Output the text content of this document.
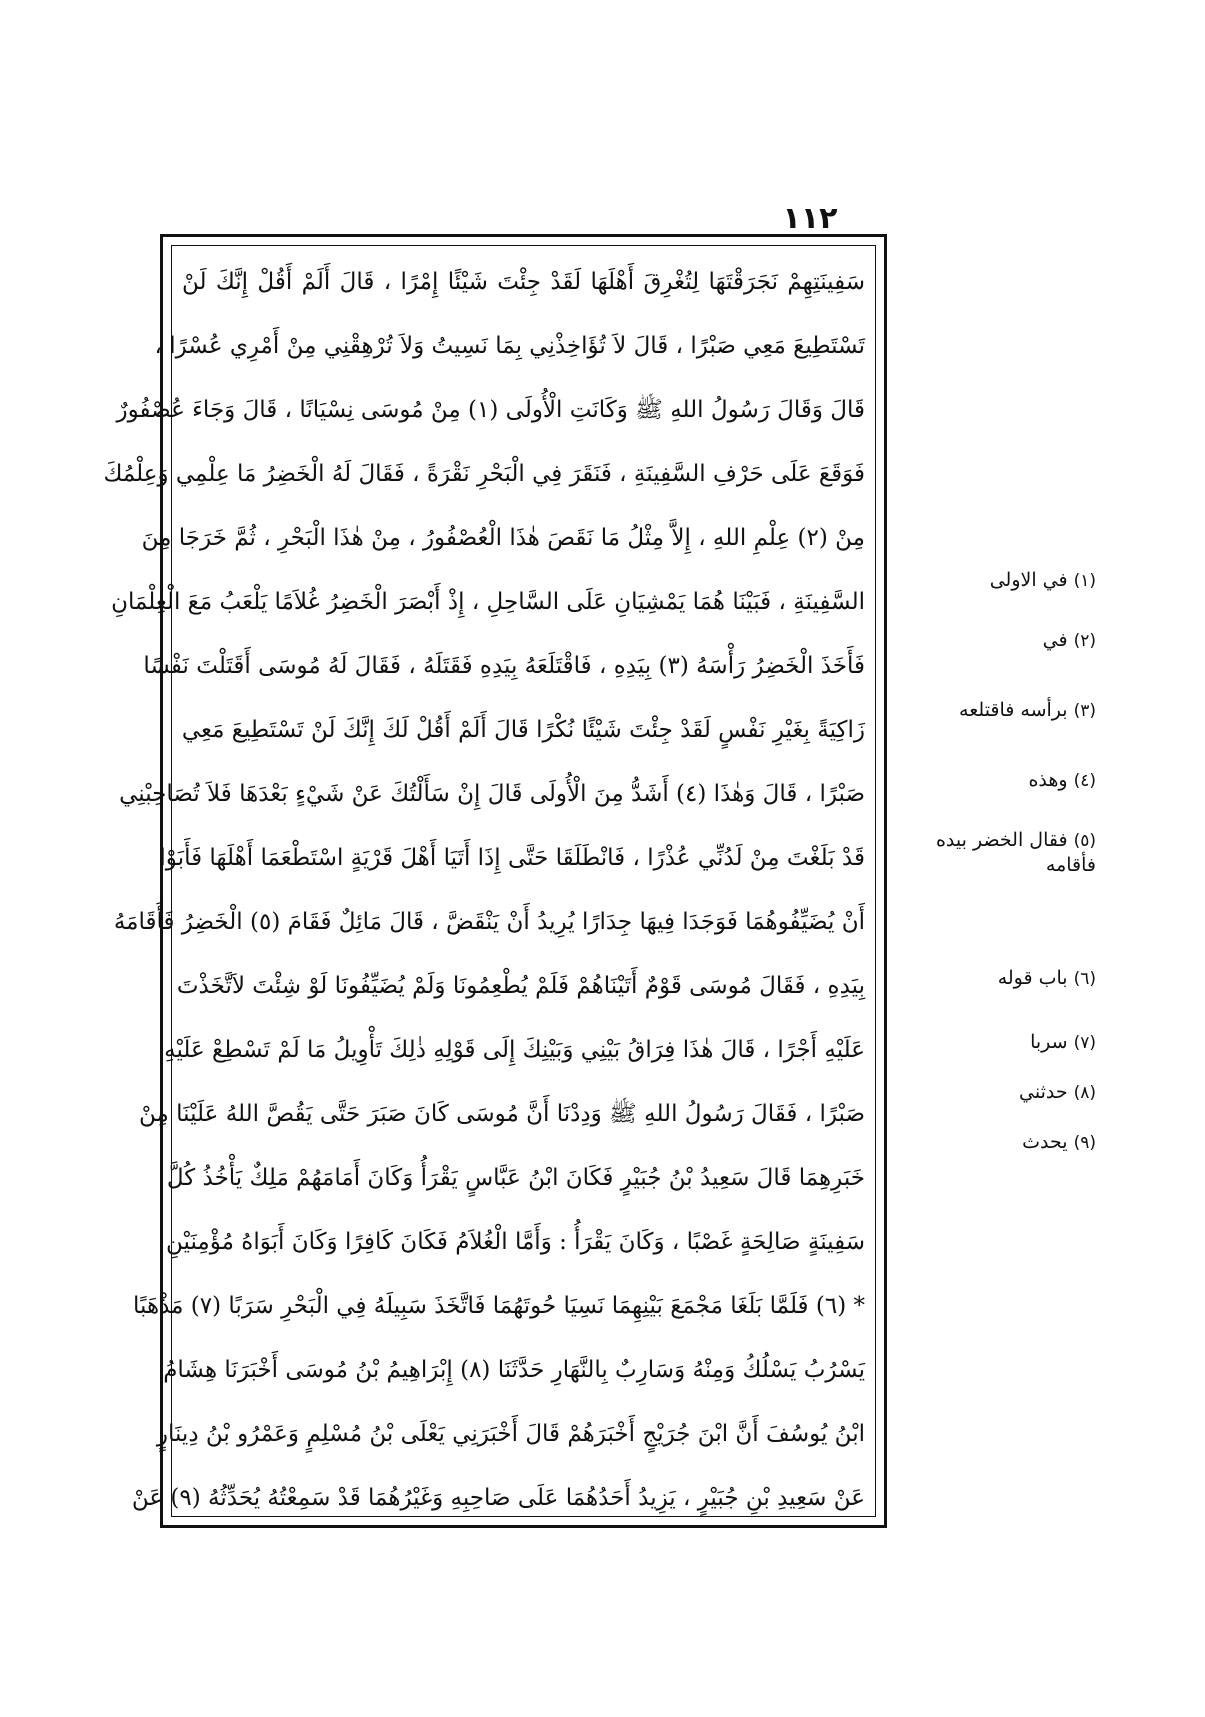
١١٢
سَفِينَتِهِمْ نَجَرَقْتَهَا لِتُغْرِقَ أَهْلَهَا لَقَدْ جِئْتَ شَيْئًا إِمْرًا ، قَالَ أَلَمْ أَقُلْ إِنَّكَ لَنْ
تَسْتَطِيعَ مَعِي صَبْرًا ، قَالَ لاَ تُؤَاخِذْنِي بِمَا نَسِيتُ وَلاَ تُرْهِقْنِي مِنْ أَمْرِي عُسْرًا ،
قَالَ وَقَالَ رَسُولُ اللهِ ﷺ وَكَانَتِ الْأُولَى (١) مِنْ مُوسَى نِسْيَانًا ، قَالَ وَجَاءَ عُصْفُورٌ
فَوَقَعَ عَلَى حَرْفِ السَّفِينَةِ ، فَنَقَرَ فِي الْبَحْرِ نَقْرَةً ، فَقَالَ لَهُ الْخَضِرُ مَا عِلْمِي وَعِلْمُكَ
مِنْ (٢) عِلْمِ اللهِ ، إِلاَّ مِثْلُ مَا نَقَصَ هٰذَا الْعُصْفُورُ ، مِنْ هٰذَا الْبَحْرِ ، ثُمَّ خَرَجَا مِنَ
السَّفِينَةِ ، فَبَيْنَا هُمَا يَمْشِيَانِ عَلَى السَّاحِلِ ، إِذْ أَبْصَرَ الْخَضِرُ غُلاَمًا يَلْعَبُ مَعَ الْغِلْمَانِ
فَأَخَذَ الْخَضِرُ رَأْسَهُ (٣) بِيَدِهِ ، فَاقْتَلَعَهُ بِيَدِهِ فَقَتَلَهُ ، فَقَالَ لَهُ مُوسَى أَقَتَلْتَ نَفْسًا
زَاكِيَةً بِغَيْرِ نَفْسٍ لَقَدْ جِئْتَ شَيْئًا نُكْرًا قَالَ أَلَمْ أَقُلْ لَكَ إِنَّكَ لَنْ تَسْتَطِيعَ مَعِي
صَبْرًا ، قَالَ وَهٰذَا (٤) أَشَدُّ مِنَ الْأُولَى قَالَ إِنْ سَأَلْتُكَ عَنْ شَيْءٍ بَعْدَهَا فَلاَ تُصَاحِبْنِي
قَدْ بَلَغْتَ مِنْ لَدُنِّي عُذْرًا ، فَانْطَلَقَا حَتَّى إِذَا أَتَيَا أَهْلَ قَرْيَةٍ اسْتَطْعَمَا أَهْلَهَا فَأَبَوْا
أَنْ يُضَيِّفُوهُمَا فَوَجَدَا فِيهَا جِدَارًا يُرِيدُ أَنْ يَنْقَضَّ ، قَالَ مَائِلٌ فَقَامَ (٥) الْخَضِرُ فَأَقَامَهُ
بِيَدِهِ ، فَقَالَ مُوسَى قَوْمٌ أَتَيْنَاهُمْ فَلَمْ يُطْعِمُونَا وَلَمْ يُضَيِّفُونَا لَوْ شِئْتَ لاَتَّخَذْتَ
عَلَيْهِ أَجْرًا ، قَالَ هٰذَا فِرَاقُ بَيْنِي وَبَيْنِكَ إِلَى قَوْلِهِ ذٰلِكَ تَأْوِيلُ مَا لَمْ تَسْطِعْ عَلَيْهِ
صَبْرًا ، فَقَالَ رَسُولُ اللهِ ﷺ وَدِدْنَا أَنَّ مُوسَى كَانَ صَبَرَ حَتَّى يَقُصَّ اللهُ عَلَيْنَا مِنْ
خَبَرِهِمَا قَالَ سَعِيدُ بْنُ جُبَيْرٍ فَكَانَ ابْنُ عَبَّاسٍ يَقْرَأُ وَكَانَ أَمَامَهُمْ مَلِكٌ يَأْخُذُ كُلَّ
سَفِينَةٍ صَالِحَةٍ غَصْبًا ، وَكَانَ يَقْرَأُ : وَأَمَّا الْغُلاَمُ فَكَانَ كَافِرًا وَكَانَ أَبَوَاهُ مُؤْمِنَيْنِ
* (٦) فَلَمَّا بَلَغَا مَجْمَعَ بَيْنِهِمَا نَسِيَا حُوتَهُمَا فَاتَّخَذَ سَبِيلَهُ فِي الْبَحْرِ سَرَبًا (٧) مَذْهَبًا
يَسْرُبُ يَسْلُكُ وَمِنْهُ وَسَارِبٌ بِالنَّهَارِ حَدَّثَنَا (٨) إِبْرَاهِيمُ بْنُ مُوسَى أَخْبَرَنَا هِشَامُ
ابْنُ يُوسُفَ أَنَّ ابْنَ جُرَيْجٍ أَخْبَرَهُمْ قَالَ أَخْبَرَنِي يَعْلَى بْنُ مُسْلِمٍ وَعَمْرُو بْنُ دِينَارٍ
عَنْ سَعِيدِ بْنِ جُبَيْرٍ ، يَزِيدُ أَحَدُهُمَا عَلَى صَاحِبِهِ وَغَيْرُهُمَا قَدْ سَمِعْتُهُ يُحَدِّثُهُ (٩) عَنْ
(١)في الاولى
(٢)في
(٣)برأسه فاقتلعه
(٤)وهذه
(٥)فقال الخضر بيده فأقامه
(٦)باب قوله
(٧)سربا
(٨)حدثني
(٩)يحدث
